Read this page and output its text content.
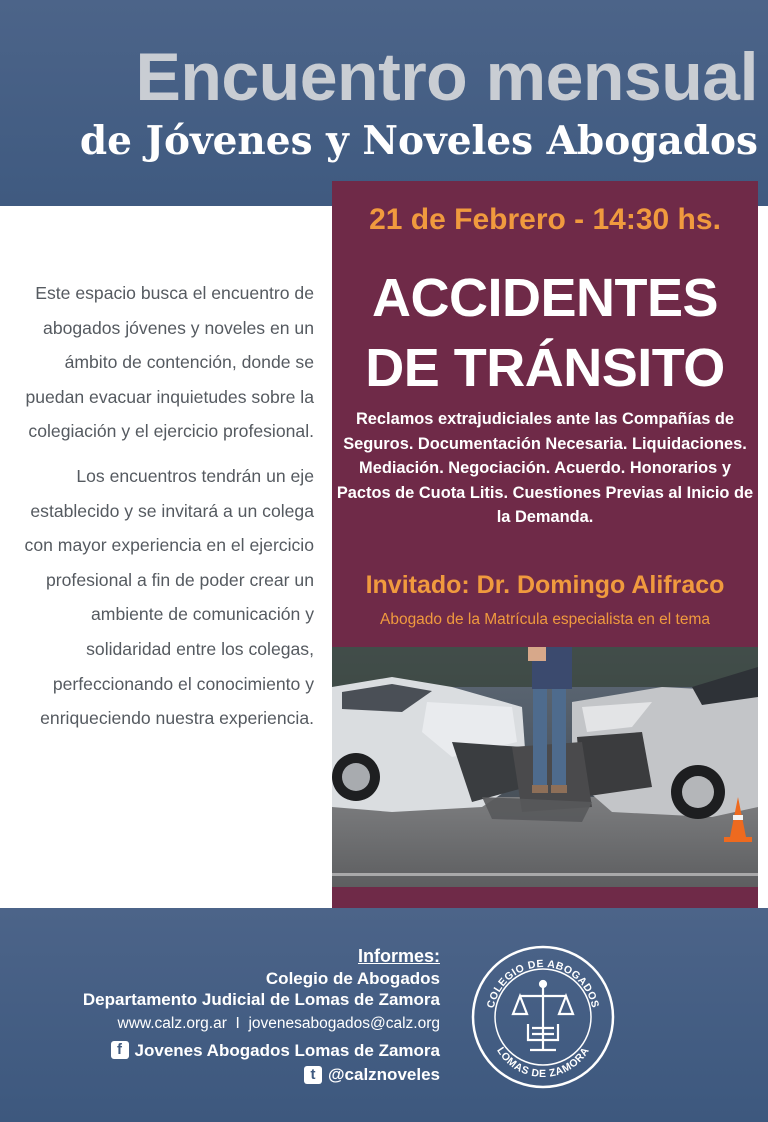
Encuentro mensual
de Jóvenes y Noveles Abogados

Este espacio busca el encuentro de abogados jóvenes y noveles en un ámbito de contención, donde se puedan evacuar inquietudes sobre la colegiación y el ejercicio profesional.

Los encuentros tendrán un eje establecido y se invitará a un colega con mayor experiencia en el ejercicio profesional a fin de poder crear un ambiente de comunicación y solidaridad entre los colegas, perfeccionando el conocimiento y enriqueciendo nuestra experiencia.

21 de Febrero - 14:30 hs.
ACCIDENTES
DE TRÁNSITO
Reclamos extrajudiciales ante las Compañías de Seguros. Documentación Necesaria. Liquidaciones. Mediación. Negociación. Acuerdo. Honorarios y Pactos de Cuota Litis. Cuestiones Previas al Inicio de la Demanda.
Invitado: Dr. Domingo Alifraco
Abogado de la Matrícula especialista en el tema
Informes:
Colegio de Abogados
Departamento Judicial de Lomas de Zamora
www.calz.org.ar I jovenesabogados@calz.org
f Jovenes Abogados Lomas de Zamora
t @calznoveles
COLEGIO DE ABOGADOS
LOMAS DE ZAMORA
